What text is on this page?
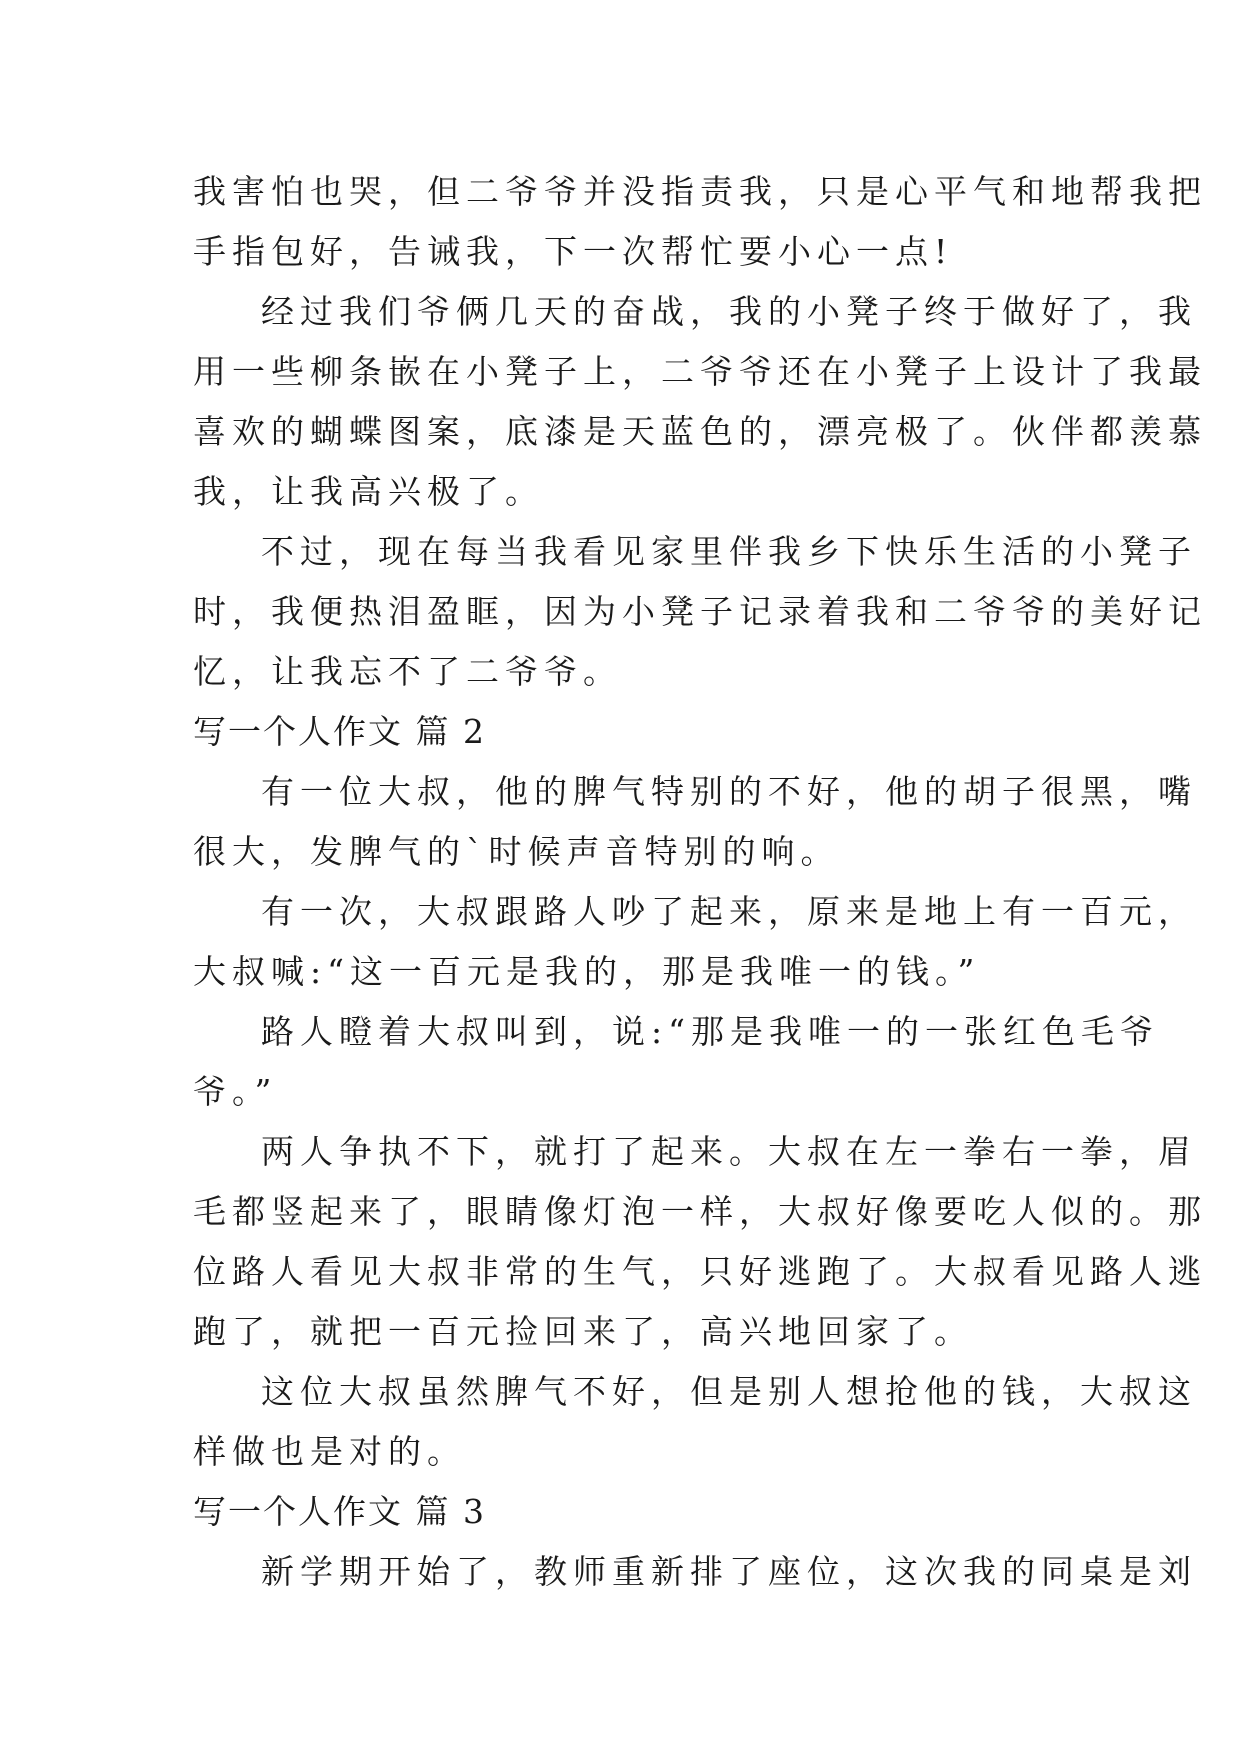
我害怕也哭，但二爷爷并没指责我，只是心平气和地帮我把
手指包好，告诫我，下一次帮忙要小心一点!
经过我们爷俩几天的奋战，我的小凳子终于做好了，我
用一些柳条嵌在小凳子上，二爷爷还在小凳子上设计了我最
喜欢的蝴蝶图案，底漆是天蓝色的，漂亮极了。伙伴都羡慕
我，让我高兴极了。
不过，现在每当我看见家里伴我乡下快乐生活的小凳子
时，我便热泪盈眶，因为小凳子记录着我和二爷爷的美好记
忆，让我忘不了二爷爷。
写一个人作文 篇 2
有一位大叔，他的脾气特别的不好，他的胡子很黑，嘴
很大，发脾气的`时候声音特别的响。
有一次，大叔跟路人吵了起来，原来是地上有一百元，
大叔喊:“这一百元是我的，那是我唯一的钱。”
路人瞪着大叔叫到，说:“那是我唯一的一张红色毛爷
爷。”
两人争执不下，就打了起来。大叔在左一拳右一拳，眉
毛都竖起来了，眼睛像灯泡一样，大叔好像要吃人似的。那
位路人看见大叔非常的生气，只好逃跑了。大叔看见路人逃
跑了，就把一百元捡回来了，高兴地回家了。
这位大叔虽然脾气不好，但是别人想抢他的钱，大叔这
样做也是对的。
写一个人作文 篇 3
新学期开始了，教师重新排了座位，这次我的同桌是刘
